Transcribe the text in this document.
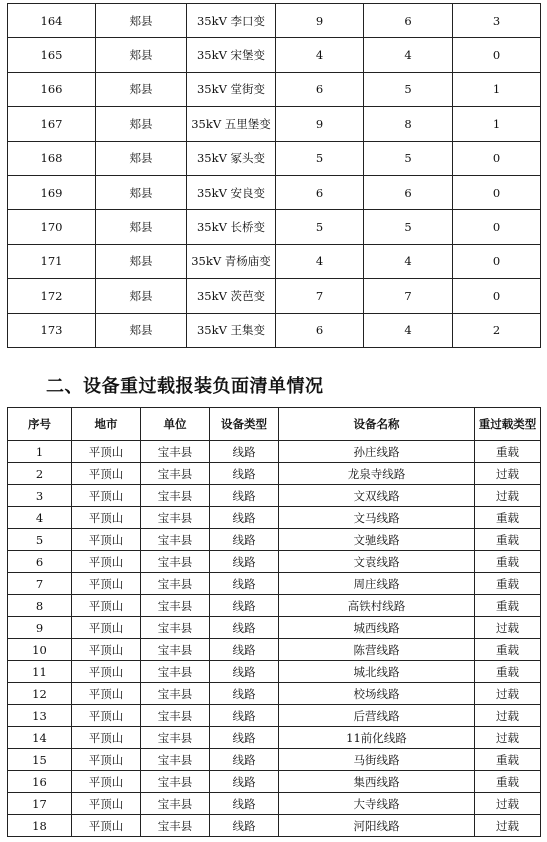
164	郏县	35kV 李口变	9	6	3
165	郏县	35kV 宋堡变	4	4	0
166	郏县	35kV 堂街变	6	5	1
167	郏县	35kV 五里堡变	9	8	1
168	郏县	35kV 冢头变	5	5	0
169	郏县	35kV 安良变	6	6	0
170	郏县	35kV 长桥变	5	5	0
171	郏县	35kV 青杨庙变	4	4	0
172	郏县	35kV 茨芭变	7	7	0
173	郏县	35kV 王集变	6	4	2
二、设备重过载报装负面清单情况
序号	地市	单位	设备类型	设备名称	重过载类型
1	平顶山	宝丰县	线路	孙庄线路	重载
2	平顶山	宝丰县	线路	龙泉寺线路	过载
3	平顶山	宝丰县	线路	文双线路	过载
4	平顶山	宝丰县	线路	文马线路	重载
5	平顶山	宝丰县	线路	文驰线路	重载
6	平顶山	宝丰县	线路	文袁线路	重载
7	平顶山	宝丰县	线路	周庄线路	重载
8	平顶山	宝丰县	线路	高铁村线路	重载
9	平顶山	宝丰县	线路	城西线路	过载
10	平顶山	宝丰县	线路	陈营线路	重载
11	平顶山	宝丰县	线路	城北线路	重载
12	平顶山	宝丰县	线路	校场线路	过载
13	平顶山	宝丰县	线路	后营线路	过载
14	平顶山	宝丰县	线路	11前化线路	过载
15	平顶山	宝丰县	线路	马街线路	重载
16	平顶山	宝丰县	线路	集西线路	重载
17	平顶山	宝丰县	线路	大寺线路	过载
18	平顶山	宝丰县	线路	河阳线路	过载
